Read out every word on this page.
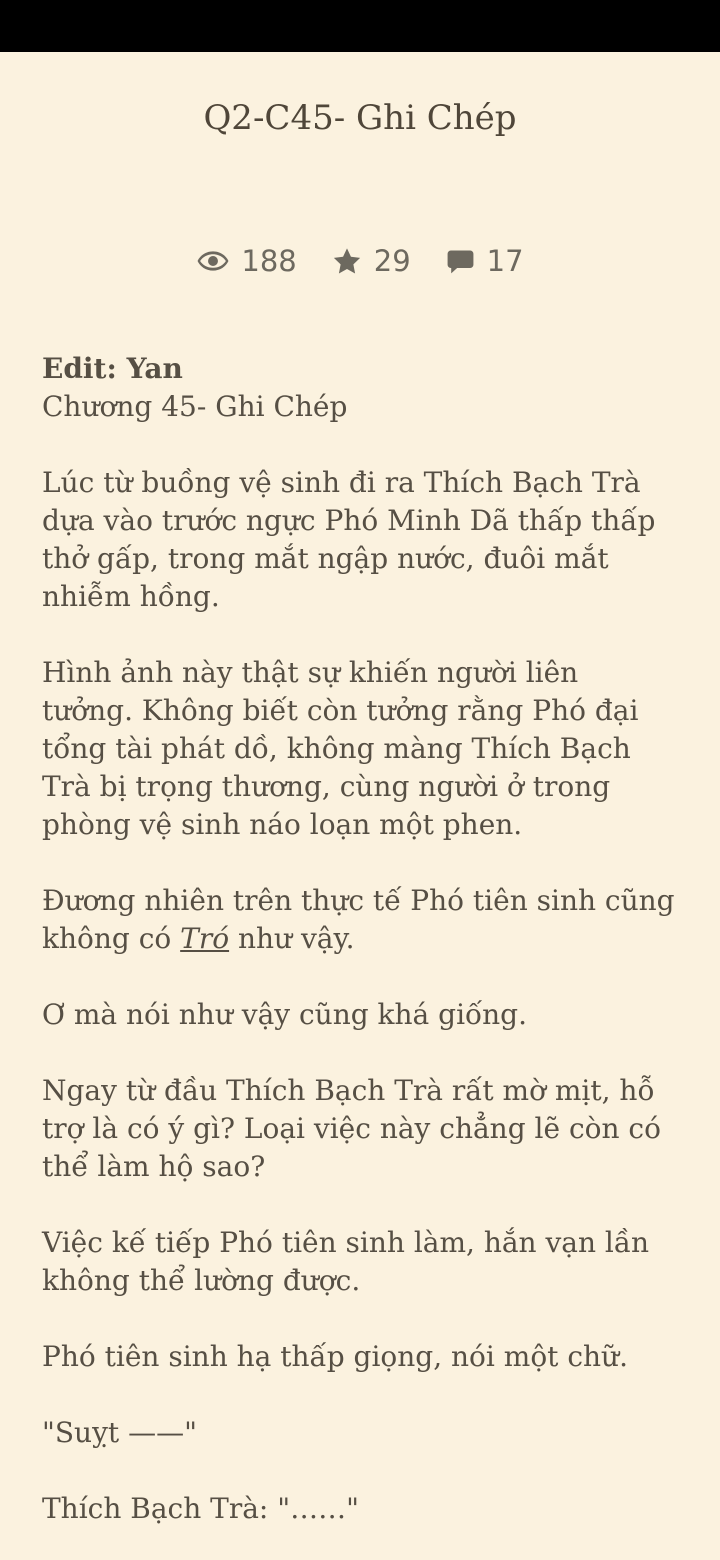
Q2-C45- Ghi Chép
188	29	17

Edit: Yan

Chương 45- Ghi Chép

Lúc từ buồng vệ sinh đi ra Thích Bạch Trà dựa vào trước ngực Phó Minh Dã thấp thấp thở gấp, trong mắt ngập nước, đuôi mắt nhiễm hồng.

Hình ảnh này thật sự khiến người liên tưởng. Không biết còn tưởng rằng Phó đại tổng tài phát dồ, không màng Thích Bạch Trà bị trọng thương, cùng người ở trong phòng vệ sinh náo loạn một phen.

Đương nhiên trên thực tế Phó tiên sinh cũng không có Tró như vậy.

Ơ mà nói như vậy cũng khá giống.

Ngay từ đầu Thích Bạch Trà rất mờ mịt, hỗ trợ là có ý gì? Loại việc này chẳng lẽ còn có thể làm hộ sao?

Việc kế tiếp Phó tiên sinh làm, hắn vạn lần không thể lường được.

Phó tiên sinh hạ thấp giọng, nói một chữ.

"Suỵt ——"

Thích Bạch Trà: "……"
